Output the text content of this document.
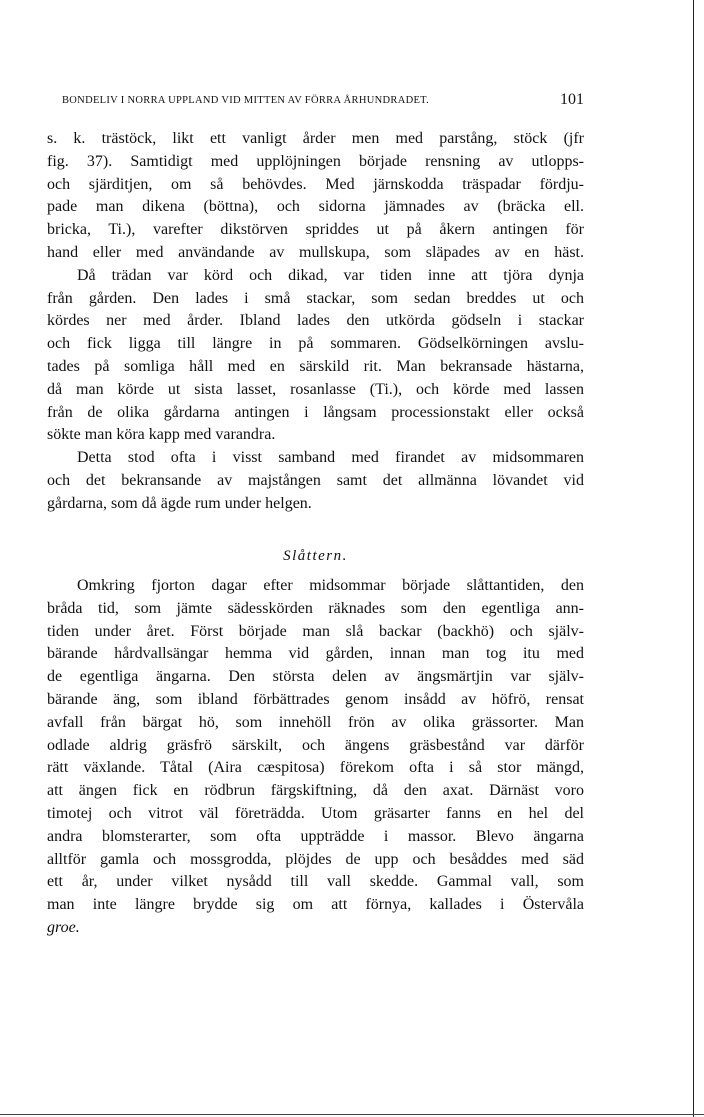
BONDELIV I NORRA UPPLAND VID MITTEN AV FÖRRA ÅRHUNDRADET.	101
s. k. trästöck, likt ett vanligt årder men med parstång, stöck (jfr
fig. 37). Samtidigt med upplöjningen började rensning av utlopps-
och sjärditjen, om så behövdes. Med järnskodda träspadar fördju-
pade man dikena (böttna), och sidorna jämnades av (bräcka ell.
bricka, Ti.), varefter dikstörven spriddes ut på åkern antingen för
hand eller med användande av mullskupa, som släpades av en häst.
Då trädan var körd och dikad, var tiden inne att tjöra dynja
från gården. Den lades i små stackar, som sedan breddes ut och
kördes ner med årder. Ibland lades den utkörda gödseln i stackar
och fick ligga till längre in på sommaren. Gödselkörningen avslu-
tades på somliga håll med en särskild rit. Man bekransade hästarna,
då man körde ut sista lasset, rosanlasse (Ti.), och körde med lassen
från de olika gårdarna antingen i långsam processionstakt eller också
sökte man köra kapp med varandra.
Detta stod ofta i visst samband med firandet av midsommaren
och det bekransande av majstången samt det allmänna lövandet vid
gårdarna, som då ägde rum under helgen.
Slåttern.
Omkring fjorton dagar efter midsommar började slåttantiden, den
bråda tid, som jämte sädesskörden räknades som den egentliga ann-
tiden under året. Först började man slå backar (backhö) och själv-
bärande hårdvallsängar hemma vid gården, innan man tog itu med
de egentliga ängarna. Den största delen av ängsmärtjin var själv-
bärande äng, som ibland förbättrades genom insådd av höfrö, rensat
avfall från bärgat hö, som innehöll frön av olika grässorter. Man
odlade aldrig gräsfrö särskilt, och ängens gräsbestånd var därför
rätt växlande. Tåtal (Aira cæspitosa) förekom ofta i så stor mängd,
att ängen fick en rödbrun färgskiftning, då den axat. Därnäst voro
timotej och vitrot väl företrädda. Utom gräsarter fanns en hel del
andra blomsterarter, som ofta uppträdde i massor. Blevo ängarna
alltför gamla och mossgrodda, plöjdes de upp och besåddes med säd
ett år, under vilket nysådd till vall skedde. Gammal vall, som
man inte längre brydde sig om att förnya, kallades i Östervåla
groe.
